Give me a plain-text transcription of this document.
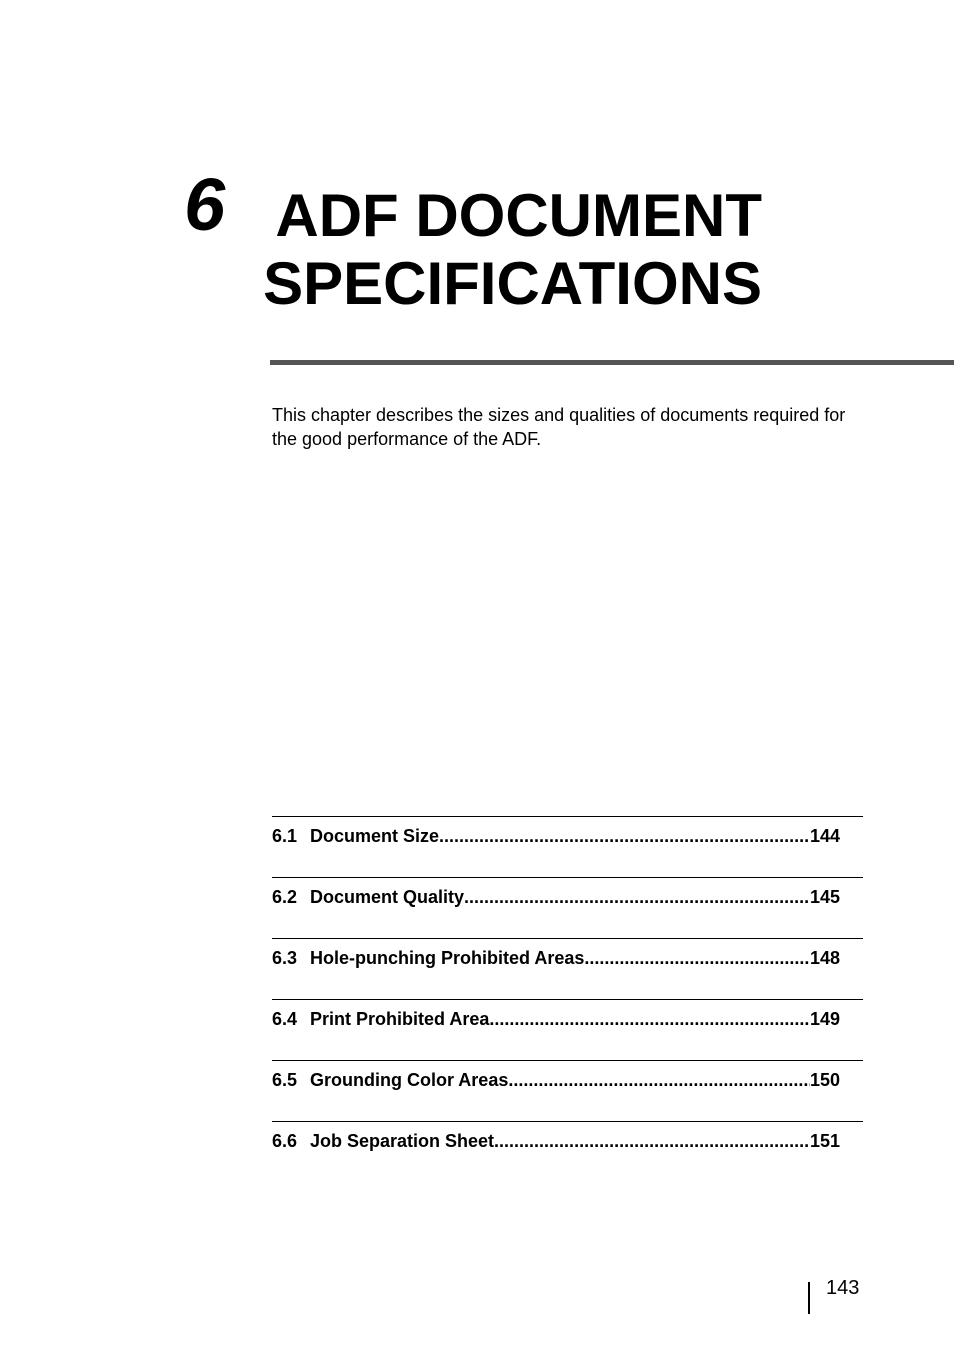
6 ADF DOCUMENT
SPECIFICATIONS

This chapter describes the sizes and qualities of documents required for the good performance of the ADF.

6.1 Document Size .....	144
6.2 Document Quality .....	145
6.3 Hole-punching Prohibited Areas .....	148
6.4 Print Prohibited Area .....	149
6.5 Grounding Color Areas .....	150
6.6 Job Separation Sheet .....	151
143
